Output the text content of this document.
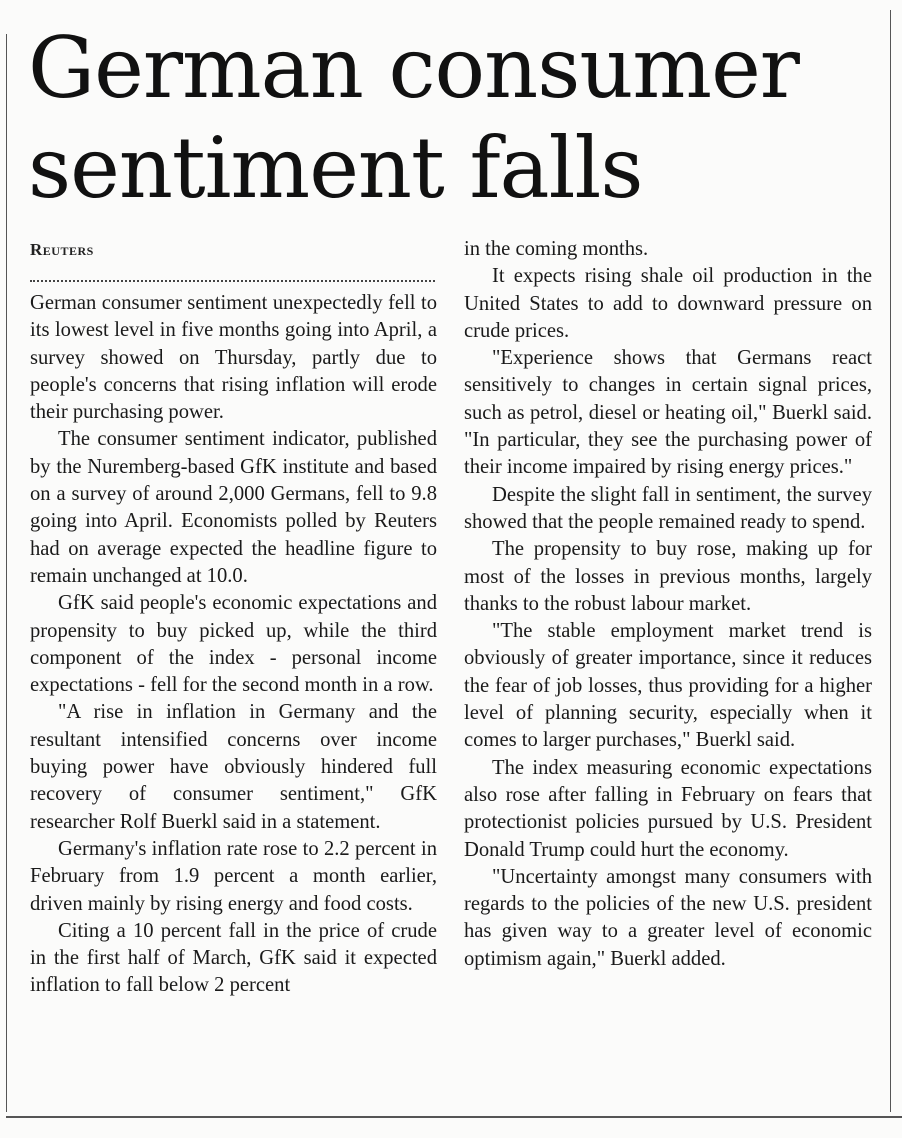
German consumer sentiment falls
Reuters

German consumer sentiment unexpectedly fell to its lowest level in five months going into April, a survey showed on Thursday, partly due to people's concerns that rising inflation will erode their purchasing power.

The consumer sentiment indicator, published by the Nuremberg-based GfK institute and based on a survey of around 2,000 Germans, fell to 9.8 going into April. Economists polled by Reuters had on average expected the headline figure to remain unchanged at 10.0.

GfK said people's economic expectations and propensity to buy picked up, while the third component of the index - personal income expectations - fell for the second month in a row.

"A rise in inflation in Germany and the resultant intensified concerns over income buying power have obviously hindered full recovery of consumer sentiment," GfK researcher Rolf Buerkl said in a statement.

Germany's inflation rate rose to 2.2 percent in February from 1.9 percent a month earlier, driven mainly by rising energy and food costs.

Citing a 10 percent fall in the price of crude in the first half of March, GfK said it expected inflation to fall below 2 percent

in the coming months.

It expects rising shale oil production in the United States to add to downward pressure on crude prices.

"Experience shows that Germans react sensitively to changes in certain signal prices, such as petrol, diesel or heating oil," Buerkl said. "In particular, they see the purchasing power of their income impaired by rising energy prices."

Despite the slight fall in sentiment, the survey showed that the people remained ready to spend.

The propensity to buy rose, making up for most of the losses in previous months, largely thanks to the robust labour market.

"The stable employment market trend is obviously of greater importance, since it reduces the fear of job losses, thus providing for a higher level of planning security, especially when it comes to larger purchases," Buerkl said.

The index measuring economic expectations also rose after falling in February on fears that protectionist policies pursued by U.S. President Donald Trump could hurt the economy.

"Uncertainty amongst many consumers with regards to the policies of the new U.S. president has given way to a greater level of economic optimism again," Buerkl added.
